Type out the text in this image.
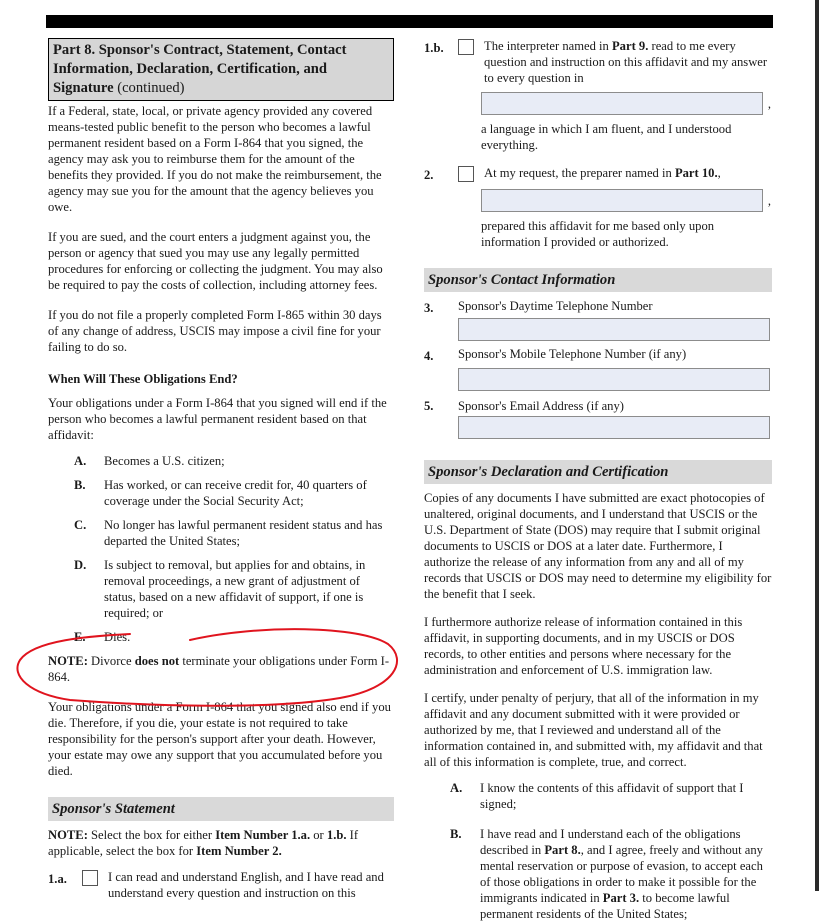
Part 8. Sponsor's Contract, Statement, Contact Information, Declaration, Certification, and Signature (continued)

If a Federal, state, local, or private agency provided any covered means-tested public benefit to the person who becomes a lawful permanent resident based on a Form I-864 that you signed, the agency may ask you to reimburse them for the amount of the benefits they provided. If you do not make the reimbursement, the agency may sue you for the amount that the agency believes you owe.

If you are sued, and the court enters a judgment against you, the person or agency that sued you may use any legally permitted procedures for enforcing or collecting the judgment. You may also be required to pay the costs of collection, including attorney fees.

If you do not file a properly completed Form I-865 within 30 days of any change of address, USCIS may impose a civil fine for your failing to do so.

When Will These Obligations End?

Your obligations under a Form I-864 that you signed will end if the person who becomes a lawful permanent resident based on that affidavit:

A.	Becomes a U.S. citizen;
B.	Has worked, or can receive credit for, 40 quarters of coverage under the Social Security Act;
C.	No longer has lawful permanent resident status and has departed the United States;
D.	Is subject to removal, but applies for and obtains, in removal proceedings, a new grant of adjustment of status, based on a new affidavit of support, if one is required; or
E.	Dies.

NOTE: Divorce does not terminate your obligations under Form I-864.

Your obligations under a Form I-864 that you signed also end if you die. Therefore, if you die, your estate is not required to take responsibility for the person's support after your death. However, your estate may owe any support that you accumulated before you died.

Sponsor's Statement

NOTE: Select the box for either Item Number 1.a. or 1.b. If applicable, select the box for Item Number 2.

1.a.	I can read and understand English, and I have read and understand every question and instruction on this
1.b.	The interpreter named in Part 9. read to me every question and instruction on this affidavit and my answer to every question in
,

a language in which I am fluent, and I understood everything.

2.	At my request, the preparer named in Part 10.,
,

prepared this affidavit for me based only upon information I provided or authorized.

Sponsor's Contact Information
3. Sponsor's Daytime Telephone Number
4. Sponsor's Mobile Telephone Number (if any)
5. Sponsor's Email Address (if any)
Sponsor's Declaration and Certification

Copies of any documents I have submitted are exact photocopies of unaltered, original documents, and I understand that USCIS or the U.S. Department of State (DOS) may require that I submit original documents to USCIS or DOS at a later date. Furthermore, I authorize the release of any information from any and all of my records that USCIS or DOS may need to determine my eligibility for the benefit that I seek.

I furthermore authorize release of information contained in this affidavit, in supporting documents, and in my USCIS or DOS records, to other entities and persons where necessary for the administration and enforcement of U.S. immigration law.

I certify, under penalty of perjury, that all of the information in my affidavit and any document submitted with it were provided or authorized by me, that I reviewed and understand all of the information contained in, and submitted with, my affidavit and that all of this information is complete, true, and correct.

A.	I know the contents of this affidavit of support that I signed;
B.	I have read and I understand each of the obligations described in Part 8., and I agree, freely and without any mental reservation or purpose of evasion, to accept each of those obligations in order to make it possible for the immigrants indicated in Part 3. to become lawful permanent residents of the United States;
